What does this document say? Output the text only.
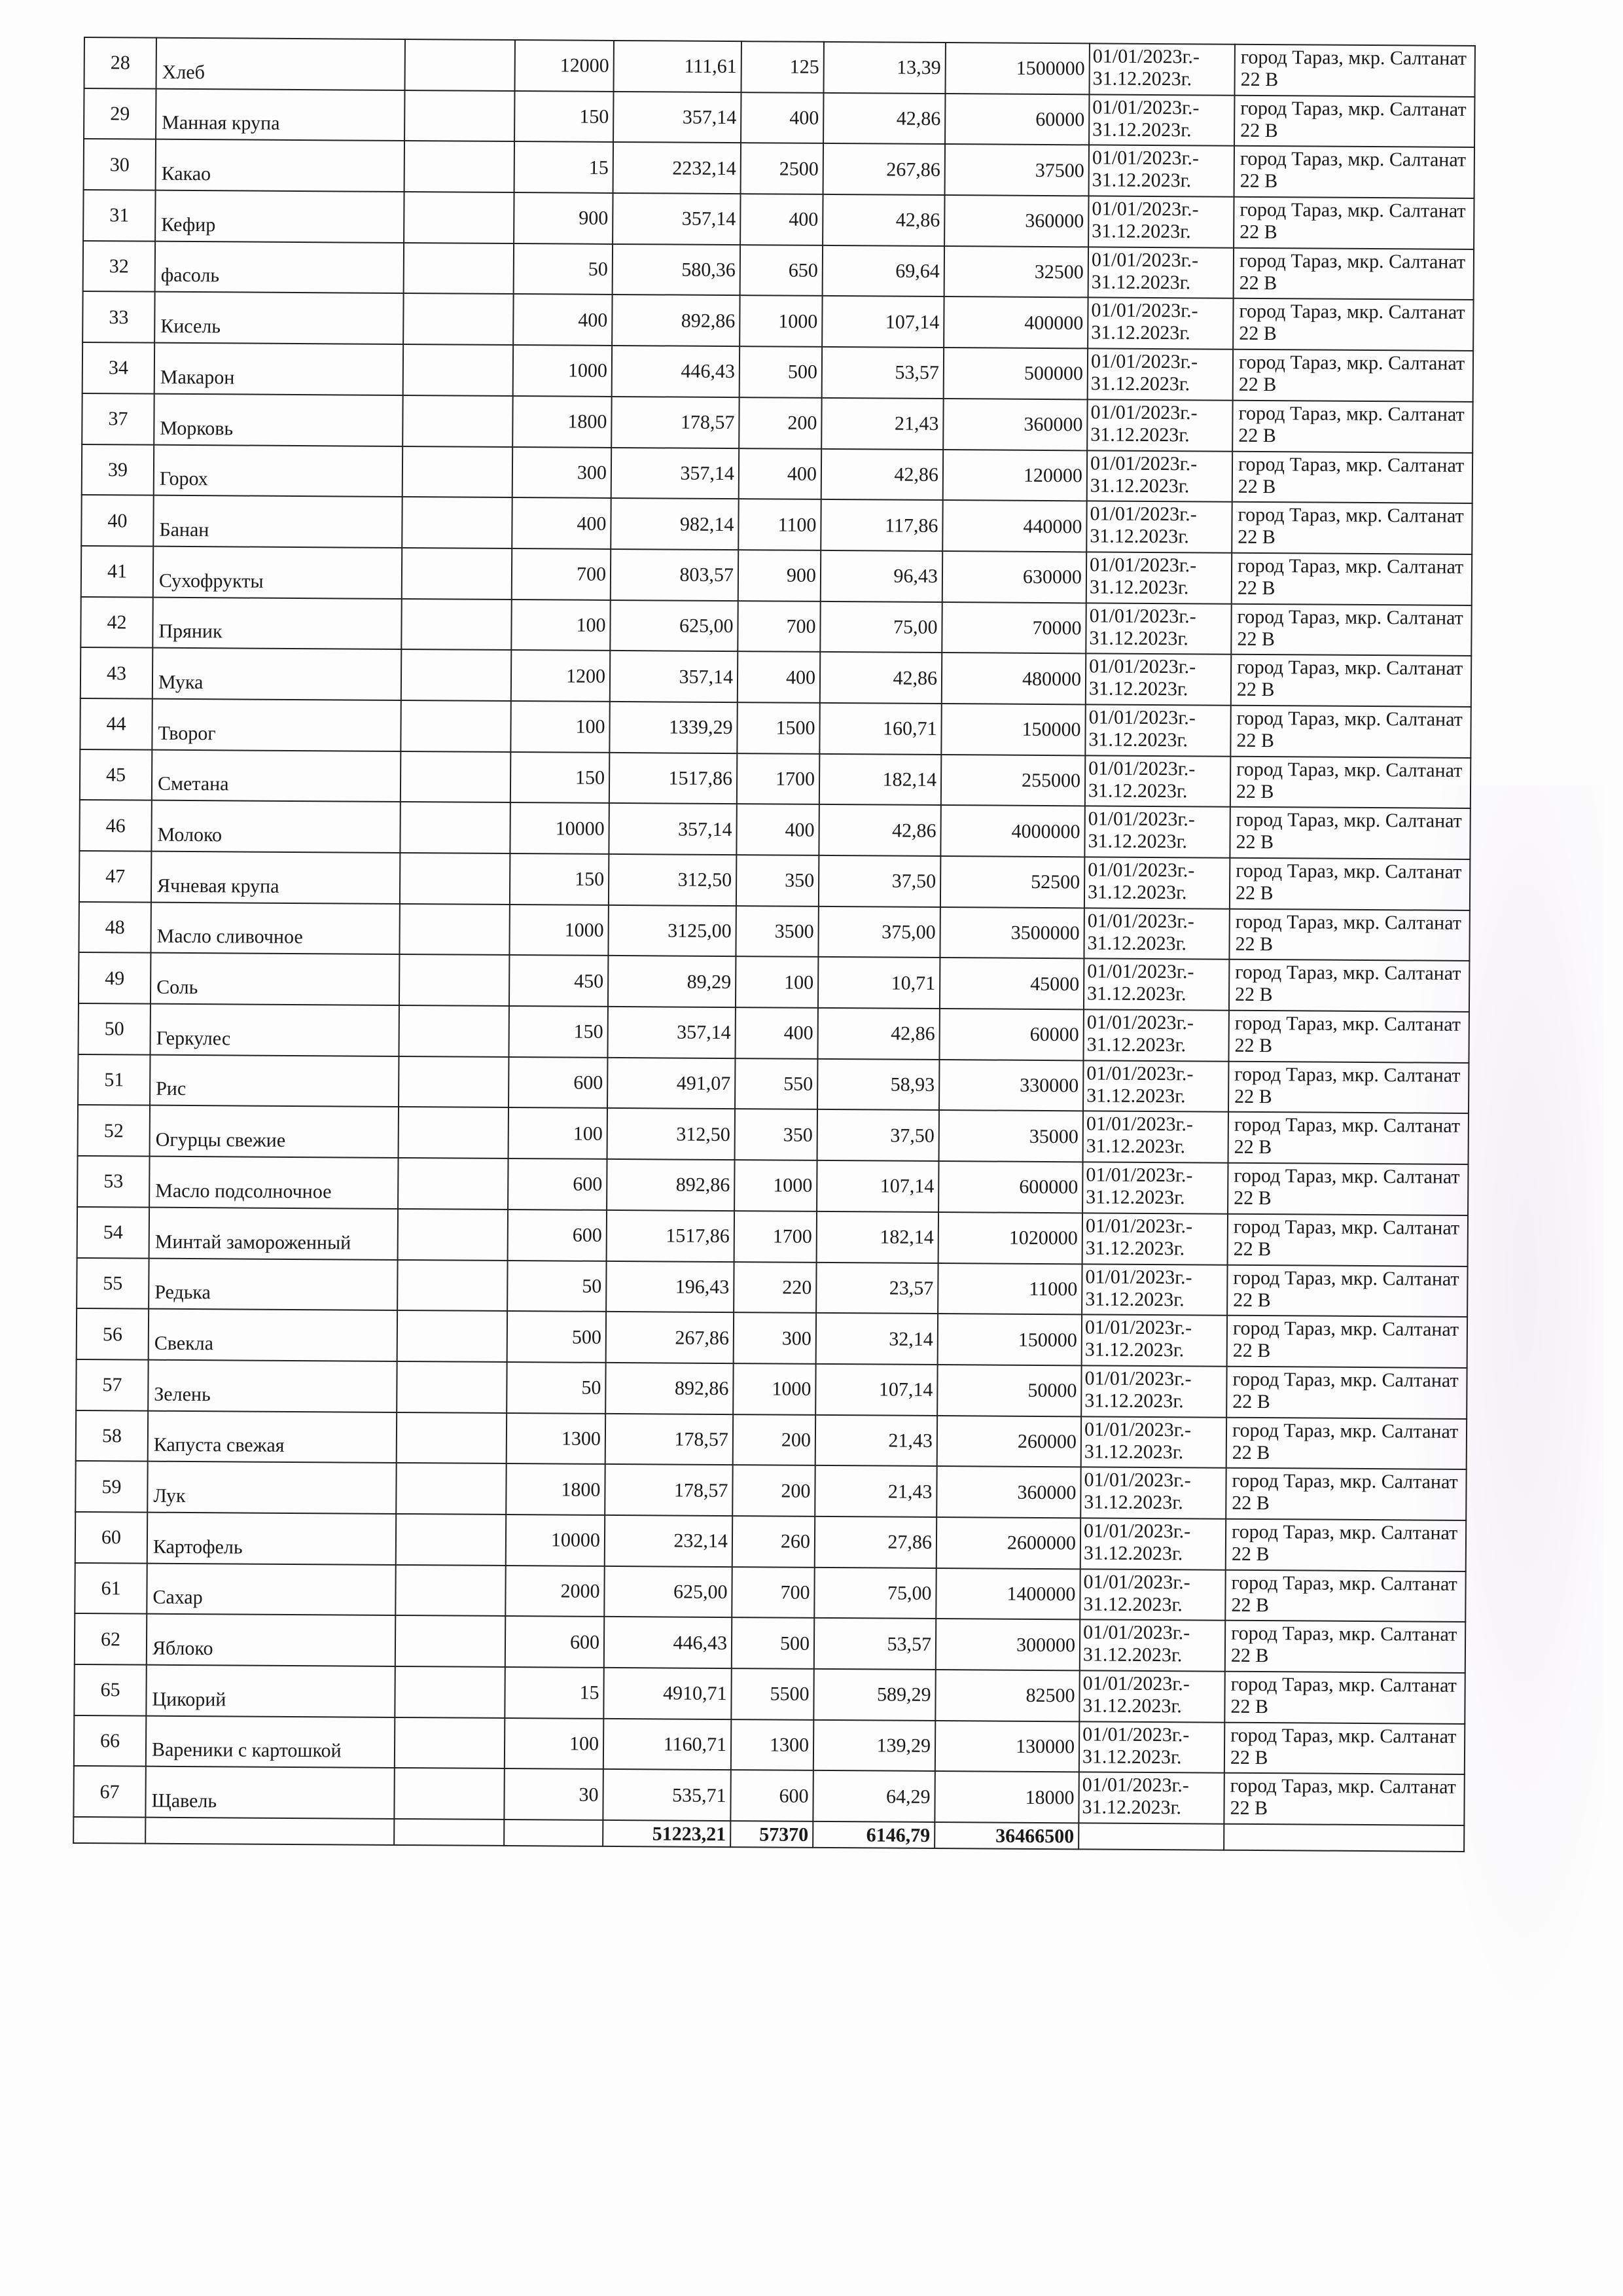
28	Хлеб		12000	111,61	125	13,39	1500000	01/01/2023г.-
31.12.2023г.	город Тараз, мкр. Салтанат
22 В

29	Манная крупа		150	357,14	400	42,86	60000	01/01/2023г.-
31.12.2023г.	город Тараз, мкр. Салтанат
22 В

30	Какао		15	2232,14	2500	267,86	37500	01/01/2023г.-
31.12.2023г.	город Тараз, мкр. Салтанат
22 В

31	Кефир		900	357,14	400	42,86	360000	01/01/2023г.-
31.12.2023г.	город Тараз, мкр. Салтанат
22 В

32	фасоль		50	580,36	650	69,64	32500	01/01/2023г.-
31.12.2023г.	город Тараз, мкр. Салтанат
22 В

33	Кисель		400	892,86	1000	107,14	400000	01/01/2023г.-
31.12.2023г.	город Тараз, мкр. Салтанат
22 В

34	Макарон		1000	446,43	500	53,57	500000	01/01/2023г.-
31.12.2023г.	город Тараз, мкр. Салтанат
22 В

37	Морковь		1800	178,57	200	21,43	360000	01/01/2023г.-
31.12.2023г.	город Тараз, мкр. Салтанат
22 В

39	Горох		300	357,14	400	42,86	120000	01/01/2023г.-
31.12.2023г.	город Тараз, мкр. Салтанат
22 В

40	Банан		400	982,14	1100	117,86	440000	01/01/2023г.-
31.12.2023г.	город Тараз, мкр. Салтанат
22 В

41	Сухофрукты		700	803,57	900	96,43	630000	01/01/2023г.-
31.12.2023г.	город Тараз, мкр. Салтанат
22 В

42	Пряник		100	625,00	700	75,00	70000	01/01/2023г.-
31.12.2023г.	город Тараз, мкр. Салтанат
22 В

43	Мука		1200	357,14	400	42,86	480000	01/01/2023г.-
31.12.2023г.	город Тараз, мкр. Салтанат
22 В

44	Творог		100	1339,29	1500	160,71	150000	01/01/2023г.-
31.12.2023г.	город Тараз, мкр. Салтанат
22 В

45	Сметана		150	1517,86	1700	182,14	255000	01/01/2023г.-
31.12.2023г.	город Тараз, мкр. Салтанат
22 В

46	Молоко		10000	357,14	400	42,86	4000000	01/01/2023г.-
31.12.2023г.	город Тараз, мкр. Салтанат
22 В

47	Ячневая крупа		150	312,50	350	37,50	52500	01/01/2023г.-
31.12.2023г.	город Тараз, мкр. Салтанат
22 В

48	Масло сливочное		1000	3125,00	3500	375,00	3500000	01/01/2023г.-
31.12.2023г.	город Тараз, мкр. Салтанат
22 В

49	Соль		450	89,29	100	10,71	45000	01/01/2023г.-
31.12.2023г.	город Тараз, мкр. Салтанат
22 В

50	Геркулес		150	357,14	400	42,86	60000	01/01/2023г.-
31.12.2023г.	город Тараз, мкр. Салтанат
22 В

51	Рис		600	491,07	550	58,93	330000	01/01/2023г.-
31.12.2023г.	город Тараз, мкр. Салтанат
22 В

52	Огурцы свежие		100	312,50	350	37,50	35000	01/01/2023г.-
31.12.2023г.	город Тараз, мкр. Салтанат
22 В

53	Масло подсолночное		600	892,86	1000	107,14	600000	01/01/2023г.-
31.12.2023г.	город Тараз, мкр. Салтанат
22 В

54	Минтай замороженный		600	1517,86	1700	182,14	1020000	01/01/2023г.-
31.12.2023г.	город Тараз, мкр. Салтанат
22 В

55	Редька		50	196,43	220	23,57	11000	01/01/2023г.-
31.12.2023г.	город Тараз, мкр. Салтанат
22 В

56	Свекла		500	267,86	300	32,14	150000	01/01/2023г.-
31.12.2023г.	город Тараз, мкр. Салтанат
22 В

57	Зелень		50	892,86	1000	107,14	50000	01/01/2023г.-
31.12.2023г.	город Тараз, мкр. Салтанат
22 В

58	Капуста свежая		1300	178,57	200	21,43	260000	01/01/2023г.-
31.12.2023г.	город Тараз, мкр. Салтанат
22 В

59	Лук		1800	178,57	200	21,43	360000	01/01/2023г.-
31.12.2023г.	город Тараз, мкр. Салтанат
22 В

60	Картофель		10000	232,14	260	27,86	2600000	01/01/2023г.-
31.12.2023г.	город Тараз, мкр. Салтанат
22 В

61	Сахар		2000	625,00	700	75,00	1400000	01/01/2023г.-
31.12.2023г.	город Тараз, мкр. Салтанат
22 В

62	Яблоко		600	446,43	500	53,57	300000	01/01/2023г.-
31.12.2023г.	город Тараз, мкр. Салтанат
22 В

65	Цикорий		15	4910,71	5500	589,29	82500	01/01/2023г.-
31.12.2023г.	город Тараз, мкр. Салтанат
22 В

66	Вареники с картошкой		100	1160,71	1300	139,29	130000	01/01/2023г.-
31.12.2023г.	город Тараз, мкр. Салтанат
22 В

67	Щавель		30	535,71	600	64,29	18000	01/01/2023г.-
31.12.2023г.	город Тараз, мкр. Салтанат
22 В

				51223,21	57370	6146,79	36466500		
